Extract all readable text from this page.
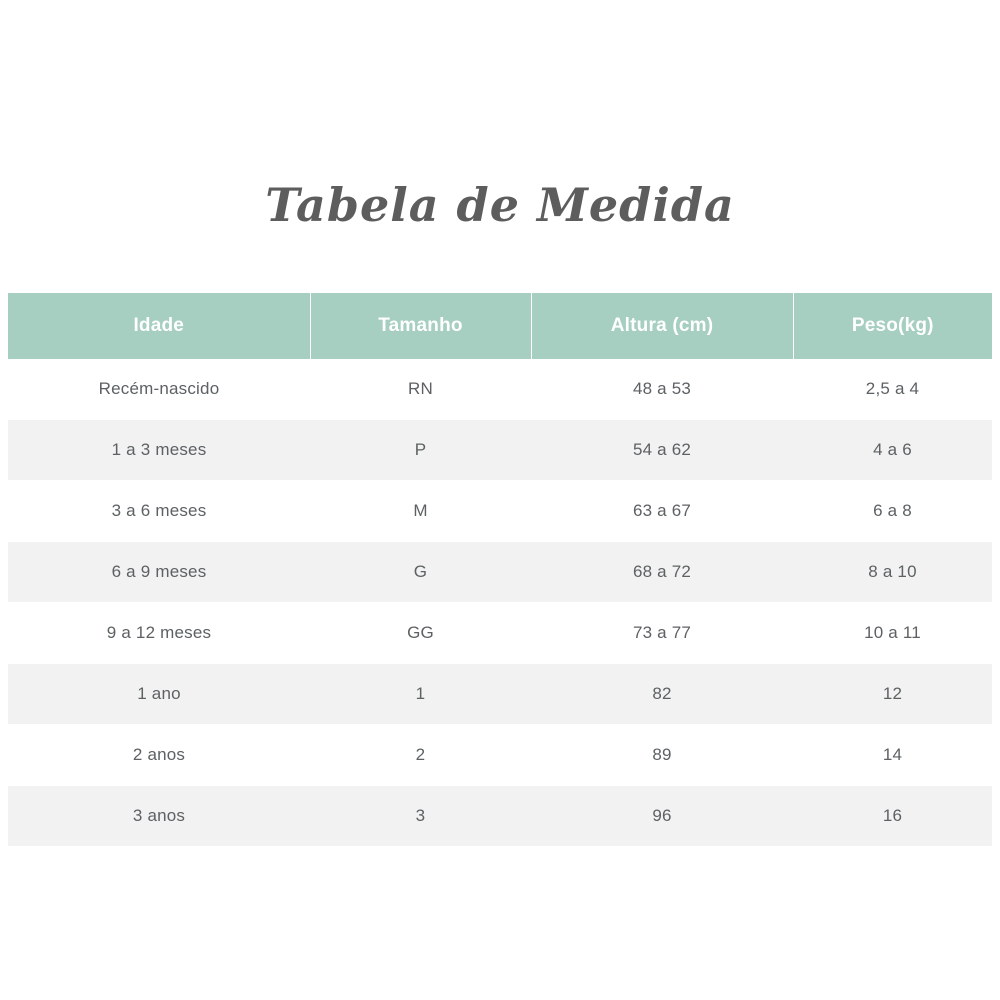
Tabela de Medida
Idade	Tamanho	Altura (cm)	Peso(kg)
Recém-nascido	RN	48 a 53	2,5 a 4
1 a 3 meses	P	54 a 62	4 a 6
3 a 6 meses	M	63 a 67	6 a 8
6 a 9 meses	G	68 a 72	8 a 10
9 a 12 meses	GG	73 a 77	10 a 11
1 ano	1	82	12
2 anos	2	89	14
3 anos	3	96	16
